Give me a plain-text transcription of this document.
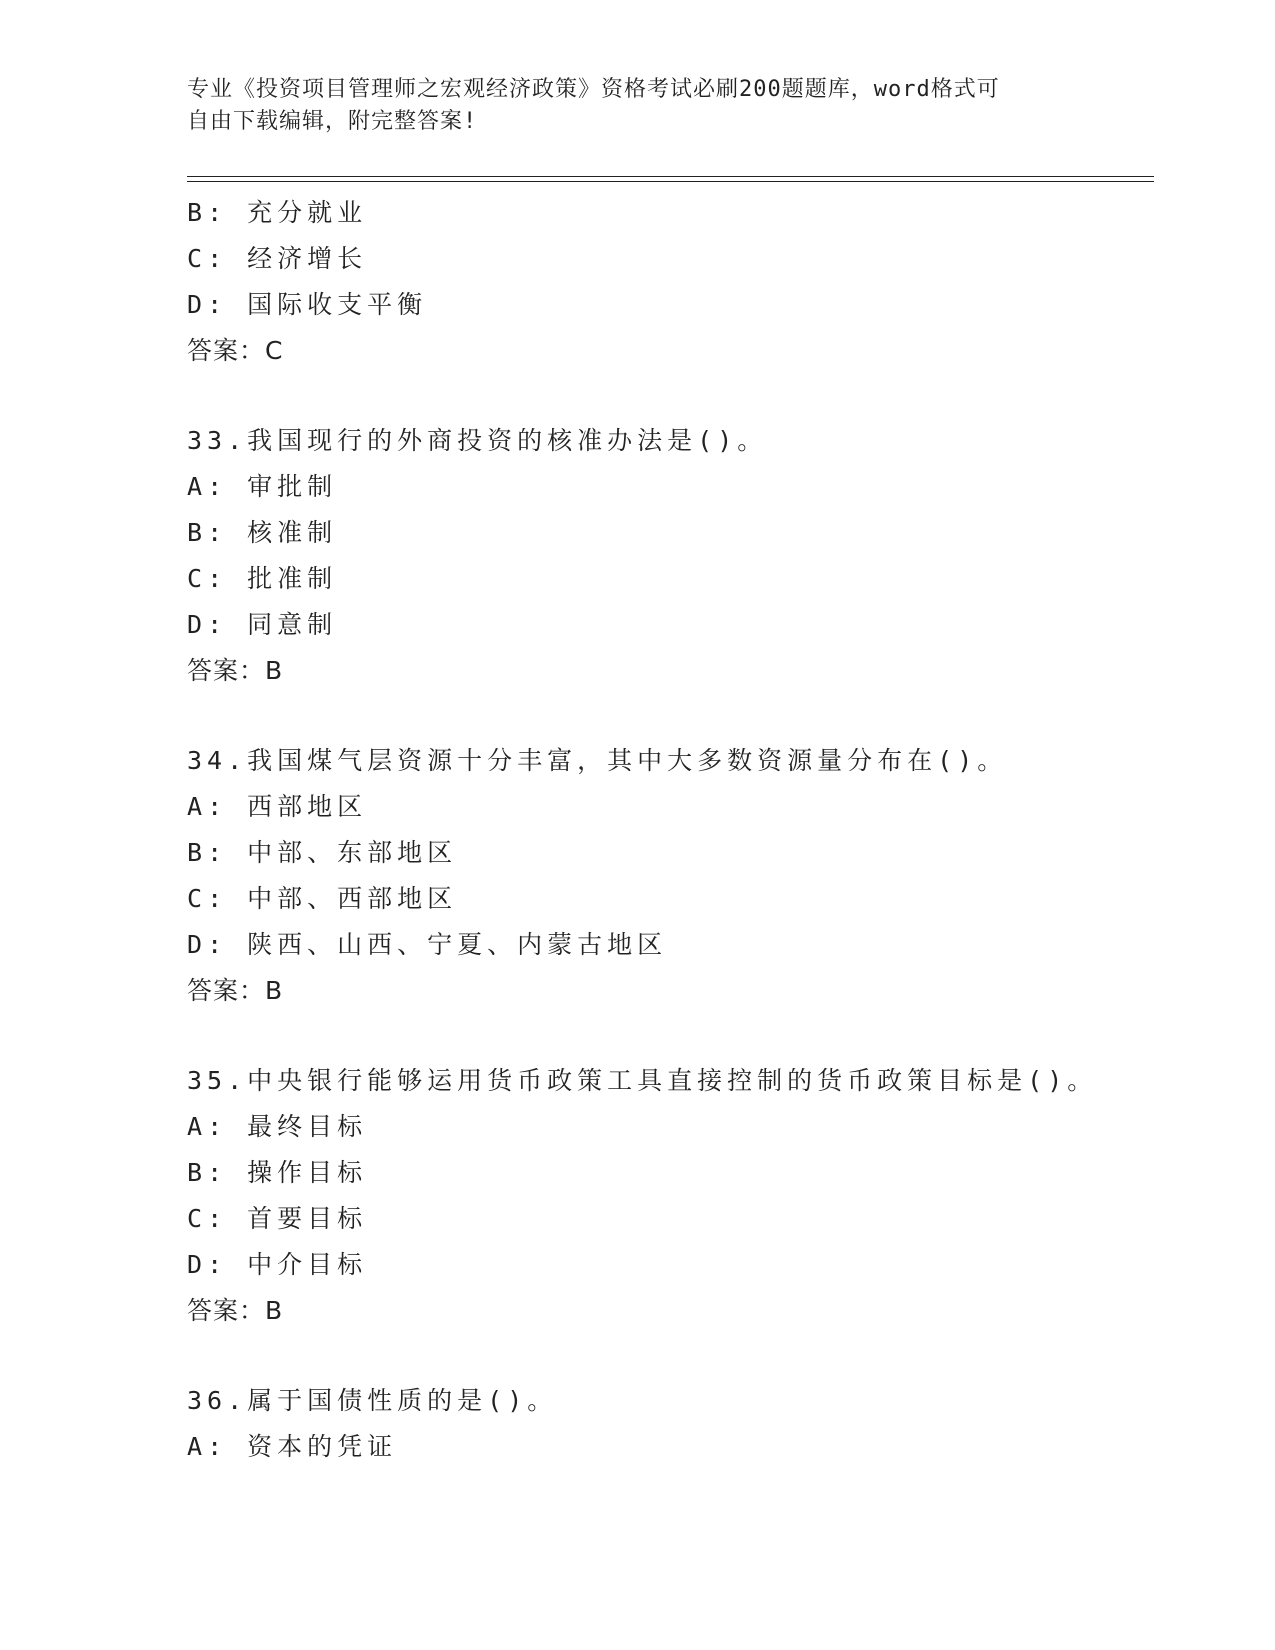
专业《投资项目管理师之宏观经济政策》资格考试必刷200题题库，word格式可
自由下载编辑，附完整答案!
B: 充分就业
C: 经济增长
D: 国际收支平衡
答案：C
33.我国现行的外商投资的核准办法是()。
A: 审批制
B: 核准制
C: 批准制
D: 同意制
答案：B
34.我国煤气层资源十分丰富，其中大多数资源量分布在()。
A: 西部地区
B: 中部、东部地区
C: 中部、西部地区
D: 陕西、山西、宁夏、内蒙古地区
答案：B
35.中央银行能够运用货币政策工具直接控制的货币政策目标是()。
A: 最终目标
B: 操作目标
C: 首要目标
D: 中介目标
答案：B
36.属于国债性质的是()。
A: 资本的凭证
